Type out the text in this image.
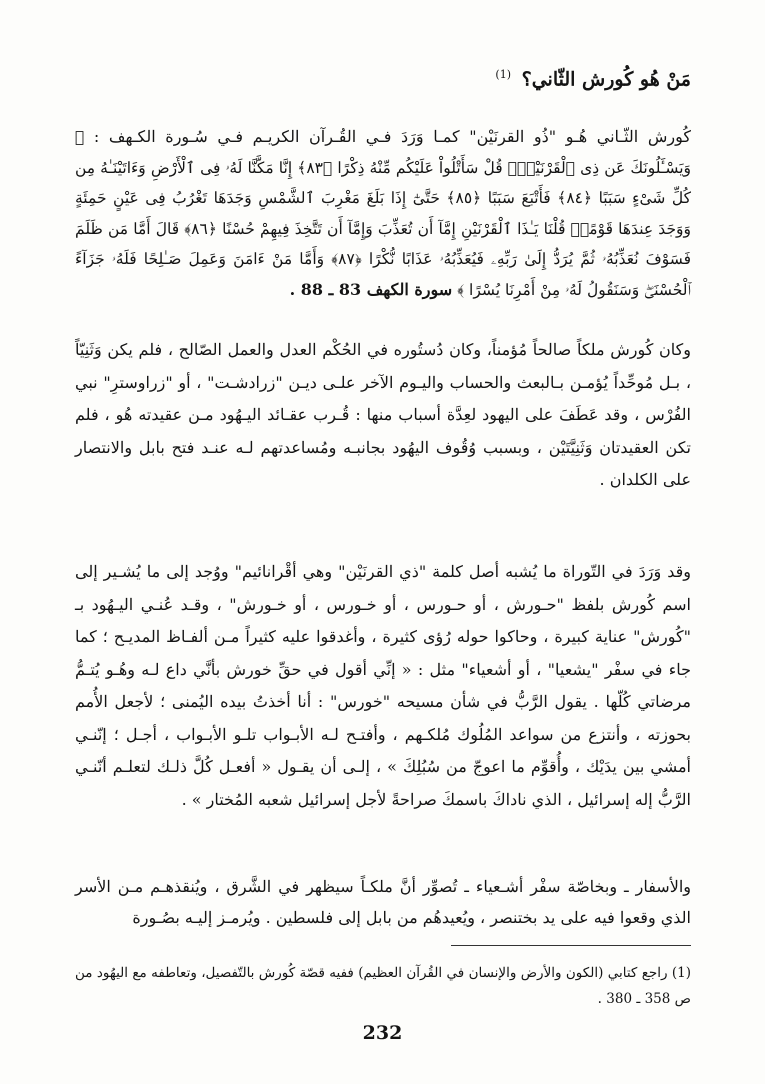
مَنْ هُو كُورش الثّاني؟ $^{(1)}$
كُورش الثّـاني هُـو "ذُو القرنَيْن" كمـا وَرَدَ فـي القُـرآن الكريـم فـي سُـورة الكـهف : ﴿ وَيَسْـَٔلُونَكَ عَن ذِى ٱلْقَرْنَيْنِۖ قُلْ سَأَتْلُواْ عَلَيْكُم مِّنْهُ ذِكْرًا ﴿٨٣﴾ إِنَّا مَكَّنَّا لَهُۥ فِى ٱلْأَرْضِ وَءَاتَيْنَـٰهُ مِن كُلِّ شَىْءٍ سَبَبًا ﴿٨٤﴾ فَأَتْبَعَ سَبَبًا ﴿٨٥﴾ حَتَّىٰٓ إِذَا بَلَغَ مَغْرِبَ ٱلشَّمْسِ وَجَدَهَا تَغْرُبُ فِى عَيْنٍ حَمِئَةٍ وَوَجَدَ عِندَهَا قَوْمًاۗ قُلْنَا يَـٰذَا ٱلْقَرْنَيْنِ إِمَّآ أَن تُعَذِّبَ وَإِمَّآ أَن تَتَّخِذَ فِيهِمْ حُسْنًا ﴿٨٦﴾ قَالَ أَمَّا مَن ظَلَمَ فَسَوْفَ نُعَذِّبُهُۥ ثُمَّ يُرَدُّ إِلَىٰ رَبِّهِۦ فَيُعَذِّبُهُۥ عَذَابًا نُّكْرًا ﴿٨٧﴾ وَأَمَّا مَنْ ءَامَنَ وَعَمِلَ صَـٰلِحًا فَلَهُۥ جَزَآءً ٱلْحُسْنَىٰۖ وَسَنَقُولُ لَهُۥ مِنْ أَمْرِنَا يُسْرًا ﴾ سورة الكهف 83 ـ 88 .
وكان كُورش ملكاً صالحاً مُؤمناً، وكان دُستُوره في الحُكْم العدل والعمل الصّالح ، فلم يكن وَثَنِيّاً ، بـل مُوحِّداً يُؤمـن بـالبعث والحساب واليـوم الآخر علـى ديـن "زرادشـت" ، أو "زراوسترِ" نبي الفُرْس ، وقد عَطَفَ على اليهود لعِدَّة أسباب منها : قُـرب عقـائد اليـهُود مـن عقيدته هُو ، فلم تكن العقيدتان وَثَنِيَّتَيْن ، وبسبب وُقُوف اليهُود بجانبـه ومُساعدتهم لـه عنـد فتح بابل والانتصار على الكلدان .
وقد وَرَدَ في التّوراة ما يُشبه أصل كلمة "ذي القرنَيْن" وهي أقْرانائيم" ووُجد إلى ما يُشـير إلى اسم كُورش بلفظ "حـورش ، أو حـورس ، أو خـورس ، أو خـورش" ، وقـد عُنـي اليـهُود بـ "كُورش" عناية كبيرة ، وحاكوا حوله رُؤى كثيرة ، وأغدقوا عليه كثيراً مـن ألفـاظ المديـح ؛ كما جاء في سفْر "يشعيا" ، أو أشعياء" مثل : « إنِّي أقول في حقِّ خورش بأنَّي داع لـه وهُـو يُتـمُّ مرضاتي كُلّها . يقول الرَّبُّ في شأن مسيحه "خورس" : أنا أخذتُ بيده اليُمنى ؛ لأجعل الأُمم بحوزته ، وأنتزع من سواعد المُلُوك مُلكـهم ، وأفتـح لـه الأبـواب تلـو الأبـواب ، أجـل ؛ إنّنـي أمشي بين يدَيْك ، وأُقوِّم ما اعوجّ من سُبُلِكَ » ، إلـى أن يقـول « أفعـل كُلَّ ذلـك لتعلـم أنّنـي الرَّبُّ إله إسرائيل ، الذي ناداكَ باسمكَ صراحةً لأجل إسرائيل شعبه المُختار » .
والأسفار ـ وبخاصّة سفْر أشـعياء ـ تُصوِّر أنَّ ملكـاً سيظهر في الشَّرق ، ويُنقذهـم مـن الأسر الذي وقعوا فيه على يد بختنصر ، ويُعيدهُم من بابل إلى فلسطين . ويُرمـز إليـه بصُـورة
(1) راجع كتابي (الكون والأرض والإنسان في القُرآن العظيم) ففيه قصّة كُورش بالتّفصيل، وتعاطفه مع اليهُود من ص 358 ـ 380 .
232
